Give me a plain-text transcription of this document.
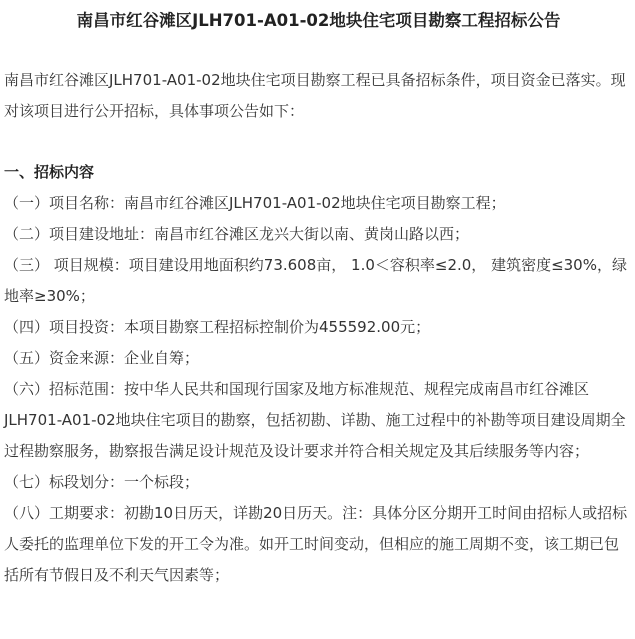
南昌市红谷滩区JLH701-A01-02地块住宅项目勘察工程招标公告

南昌市红谷滩区JLH701-A01-02地块住宅项目勘察工程已具备招标条件，项目资金已落实。现对该项目进行公开招标，具体事项公告如下：

一、招标内容

（一）项目名称：南昌市红谷滩区JLH701-A01-02地块住宅项目勘察工程；

（二）项目建设地址：南昌市红谷滩区龙兴大街以南、黄岗山路以西；

（三） 项目规模：项目建设用地面积约73.608亩， 1.0＜容积率≤2.0， 建筑密度≤30%，绿地率≥30%；

（四）项目投资：本项目勘察工程招标控制价为455592.00元；

（五）资金来源：企业自筹；

（六）招标范围：按中华人民共和国现行国家及地方标准规范、规程完成南昌市红谷滩区JLH701-A01-02地块住宅项目的勘察，包括初勘、详勘、施工过程中的补勘等项目建设周期全过程勘察服务，勘察报告满足设计规范及设计要求并符合相关规定及其后续服务等内容；

（七）标段划分：一个标段；

（八）工期要求：初勘10日历天，详勘20日历天。注：具体分区分期开工时间由招标人或招标人委托的监理单位下发的开工令为准。如开工时间变动，但相应的施工周期不变，该工期已包括所有节假日及不利天气因素等；
